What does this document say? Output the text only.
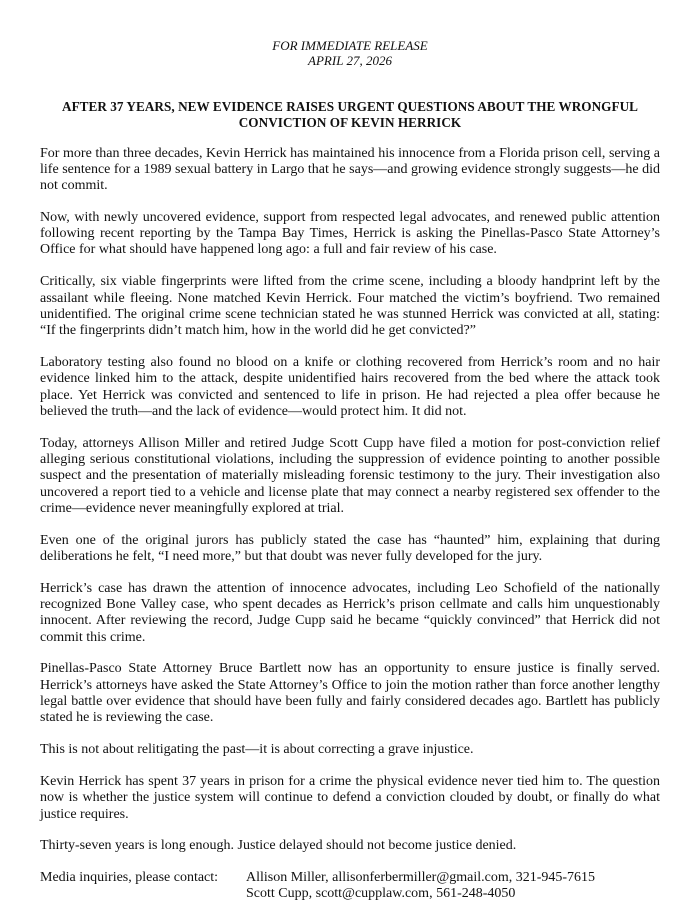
FOR IMMEDIATE RELEASE

APRIL 27, 2026

AFTER 37 YEARS, NEW EVIDENCE RAISES URGENT QUESTIONS ABOUT THE WRONGFUL CONVICTION OF KEVIN HERRICK

For more than three decades, Kevin Herrick has maintained his innocence from a Florida prison cell, serving a life sentence for a 1989 sexual battery in Largo that he says—and growing evidence strongly suggests—he did not commit.

Now, with newly uncovered evidence, support from respected legal advocates, and renewed public attention following recent reporting by the Tampa Bay Times, Herrick is asking the Pinellas-Pasco State Attorney’s Office for what should have happened long ago: a full and fair review of his case.

Critically, six viable fingerprints were lifted from the crime scene, including a bloody handprint left by the assailant while fleeing. None matched Kevin Herrick. Four matched the victim’s boyfriend. Two remained unidentified. The original crime scene technician stated he was stunned Herrick was convicted at all, stating: “If the fingerprints didn’t match him, how in the world did he get convicted?”

Laboratory testing also found no blood on a knife or clothing recovered from Herrick’s room and no hair evidence linked him to the attack, despite unidentified hairs recovered from the bed where the attack took place. Yet Herrick was convicted and sentenced to life in prison. He had rejected a plea offer because he believed the truth—and the lack of evidence—would protect him. It did not.

Today, attorneys Allison Miller and retired Judge Scott Cupp have filed a motion for post-conviction relief alleging serious constitutional violations, including the suppression of evidence pointing to another possible suspect and the presentation of materially misleading forensic testimony to the jury. Their investigation also uncovered a report tied to a vehicle and license plate that may connect a nearby registered sex offender to the crime—evidence never meaningfully explored at trial.

Even one of the original jurors has publicly stated the case has “haunted” him, explaining that during deliberations he felt, “I need more,” but that doubt was never fully developed for the jury.

Herrick’s case has drawn the attention of innocence advocates, including Leo Schofield of the nationally recognized Bone Valley case, who spent decades as Herrick’s prison cellmate and calls him unquestionably innocent. After reviewing the record, Judge Cupp said he became “quickly convinced” that Herrick did not commit this crime.

Pinellas-Pasco State Attorney Bruce Bartlett now has an opportunity to ensure justice is finally served. Herrick’s attorneys have asked the State Attorney’s Office to join the motion rather than force another lengthy legal battle over evidence that should have been fully and fairly considered decades ago. Bartlett has publicly stated he is reviewing the case.

This is not about relitigating the past—it is about correcting a grave injustice.

Kevin Herrick has spent 37 years in prison for a crime the physical evidence never tied him to. The question now is whether the justice system will continue to defend a conviction clouded by doubt, or finally do what justice requires.

Thirty-seven years is long enough. Justice delayed should not become justice denied.

Media inquiries, please contact:	Allison Miller, allisonferbermiller@gmail.com, 321-945-7615
Scott Cupp, scott@cupplaw.com, 561-248-4050
